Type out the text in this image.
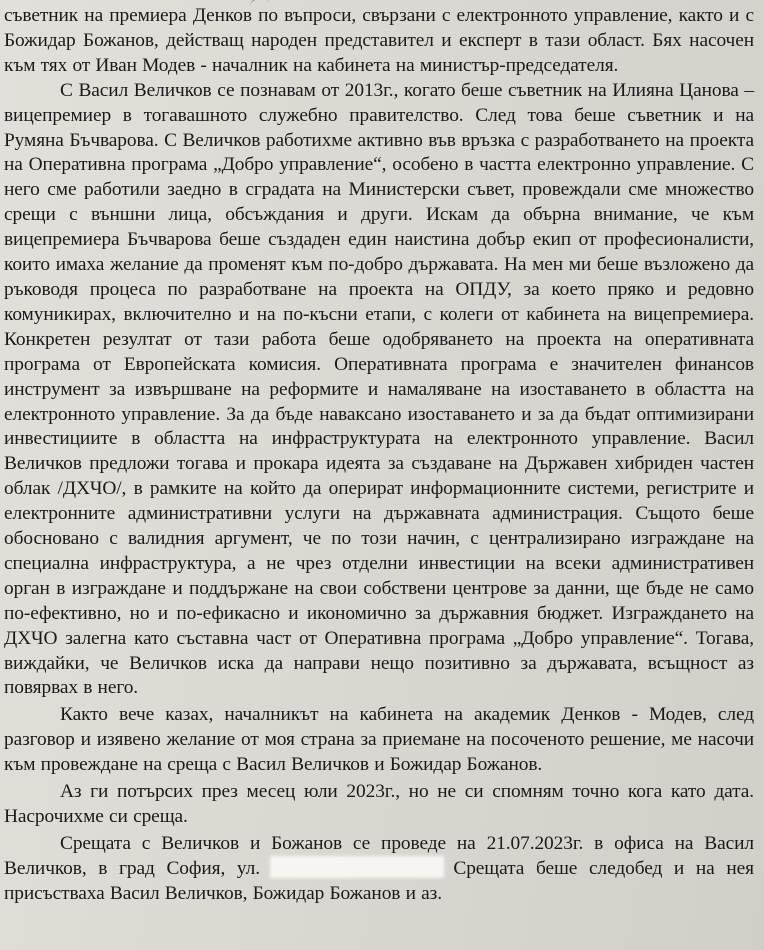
съветник на премиера Денков по въпроси, свързани с електронното управление, както и с Божидар Божанов, действащ народен представител и експерт в тази област. Бях насочен към тях от Иван Модев - началник на кабинета на министър-председателя.

С Васил Величков се познавам от 2013г., когато беше съветник на Илияна Цанова – вицепремиер в тогавашното служебно правителство. След това беше съветник и на Румяна Бъчварова. С Величков работихме активно във връзка с разработването на проекта на Оперативна програма „Добро управление“, особено в частта електронно управление. С него сме работили заедно в сградата на Министерски съвет, провеждали сме множество срещи с външни лица, обсъждания и други. Искам да обърна внимание, че към вицепремиера Бъчварова беше създаден един наистина добър екип от професионалисти, които имаха желание да променят към по-добро държавата. На мен ми беше възложено да ръководя процеса по разработване на проекта на ОПДУ, за което пряко и редовно комуникирах, включително и на по-късни етапи, с колеги от кабинета на вицепремиера. Конкретен резултат от тази работа беше одобряването на проекта на оперативната програма от Европейската комисия. Оперативната програма е значителен финансов инструмент за извършване на реформите и намаляване на изоставането в областта на електронното управление. За да бъде наваксано изоставането и за да бъдат оптимизирани инвестициите в областта на инфраструктурата на електронното управление. Васил Величков предложи тогава и прокара идеята за създаване на Държавен хибриден частен облак /ДХЧО/, в рамките на който да оперират информационните системи, регистрите и електронните административни услуги на държавната администрация. Същото беше обосновано с валидния аргумент, че по този начин, с централизирано изграждане на специална инфраструктура, а не чрез отделни инвестиции на всеки административен орган в изграждане и поддържане на свои собствени центрове за данни, ще бъде не само по-ефективно, но и по-ефикасно и икономично за държавния бюджет. Изграждането на ДХЧО залегна като съставна част от Оперативна програма „Добро управление“. Тогава, виждайки, че Величков иска да направи нещо позитивно за държавата, всъщност аз повярвах в него.

Както вече казах, началникът на кабинета на академик Денков - Модев, след разговор и изявено желание от моя страна за приемане на посоченото решение, ме насочи към провеждане на среща с Васил Величков и Божидар Божанов.

Аз ги потърсих през месец юли 2023г., но не си спомням точно кога като дата. Насрочихме си среща.

Срещата с Величков и Божанов се проведе на 21.07.2023г. в офиса на Васил Величков, в град София, ул.	Срещата беше следобед и на нея присъстваха Васил Величков, Божидар Божанов и аз.
